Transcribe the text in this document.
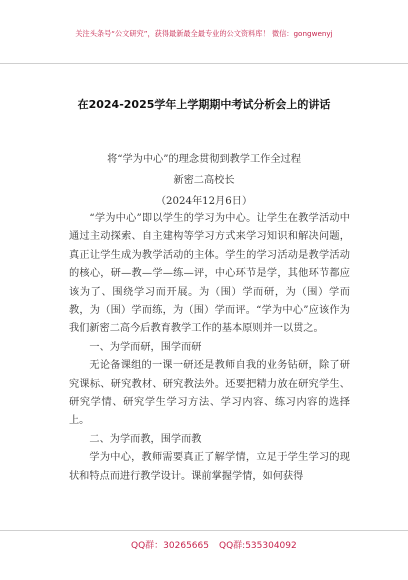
关注头条号“公文研究”，获得最新最全最专业的公文资料库！ 微信：gongwenyj
在2024-2025学年上学期期中考试分析会上的讲话
将“学为中心”的理念贯彻到教学工作全过程
新密二高校长
（2024年12月6日）

“学为中心”即以学生的学习为中心。让学生在教学活动中通过主动探索、自主建构等学习方式来学习知识和解决问题，真正让学生成为教学活动的主体。学生的学习活动是教学活动的核心，研—教—学—练—评，中心环节是学，其他环节都应该为了、围绕学习而开展。为（围）学而研，为（围）学而教，为（围）学而练，为（围）学而评。“学为中心”应该作为我们新密二高今后教育教学工作的基本原则并一以贯之。

一、为学而研，围学而研

无论备课组的一课一研还是教师自我的业务钻研，除了研究课标、研究教材、研究教法外。还要把精力放在研究学生、研究学情、研究学生学习方法、学习内容、练习内容的选择上。

二、为学而教，围学而教

学为中心，教师需要真正了解学情，立足于学生学习的现状和特点而进行教学设计。课前掌握学情，如何获得

QQ群：30265665 QQ群:535304092
